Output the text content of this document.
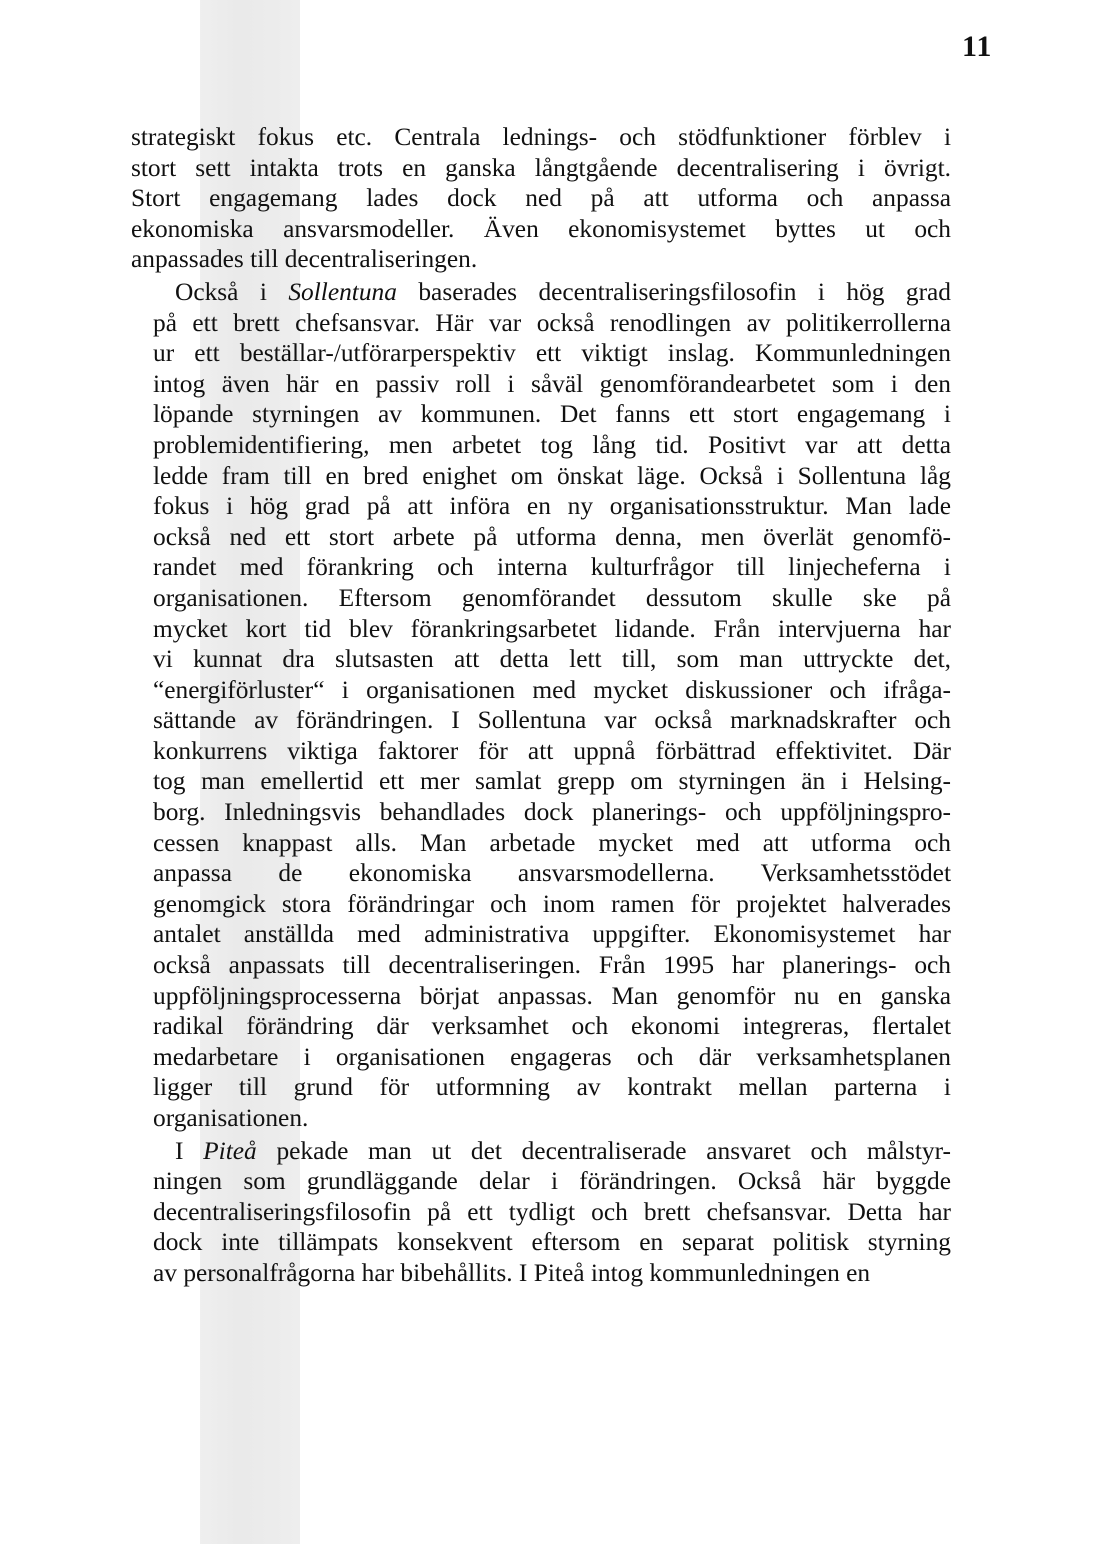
11

strategiskt fokus etc. Centrala lednings- och stödfunktioner förblev i
stort sett intakta trots en ganska långtgående decentralisering i övrigt.
Stort engagemang lades dock ned på att utforma och anpassa
ekonomiska ansvarsmodeller. Även ekonomisystemet byttes ut och
anpassades till decentraliseringen.

Också i Sollentuna baserades decentraliseringsfilosofin i hög grad
på ett brett chefsansvar. Här var också renodlingen av politikerrollerna
ur ett beställar-/utförarperspektiv ett viktigt inslag. Kommunledningen
intog även här en passiv roll i såväl genomförandearbetet som i den
löpande styrningen av kommunen. Det fanns ett stort engagemang i
problemidentifiering, men arbetet tog lång tid. Positivt var att detta
ledde fram till en bred enighet om önskat läge. Också i Sollentuna låg
fokus i hög grad på att införa en ny organisationsstruktur. Man lade
också ned ett stort arbete på utforma denna, men överlät genomfö-
randet med förankring och interna kulturfrågor till linjecheferna i
organisationen. Eftersom genomförandet dessutom skulle ske på
mycket kort tid blev förankringsarbetet lidande. Från intervjuerna har
vi kunnat dra slutsasten att detta lett till, som man uttryckte det,
“energiförluster“ i organisationen med mycket diskussioner och ifråga-
sättande av förändringen. I Sollentuna var också marknadskrafter och
konkurrens viktiga faktorer för att uppnå förbättrad effektivitet. Där
tog man emellertid ett mer samlat grepp om styrningen än i Helsing-
borg. Inledningsvis behandlades dock planerings- och uppföljningspro-
cessen knappast alls. Man arbetade mycket med att utforma och
anpassa de ekonomiska ansvarsmodellerna. Verksamhetsstödet
genomgick stora förändringar och inom ramen för projektet halverades
antalet anställda med administrativa uppgifter. Ekonomisystemet har
också anpassats till decentraliseringen. Från 1995 har planerings- och
uppföljningsprocesserna börjat anpassas. Man genomför nu en ganska
radikal förändring där verksamhet och ekonomi integreras, flertalet
medarbetare i organisationen engageras och där verksamhetsplanen
ligger till grund för utformning av kontrakt mellan parterna i
organisationen.

I Piteå pekade man ut det decentraliserade ansvaret och målstyr-
ningen som grundläggande delar i förändringen. Också här byggde
decentraliseringsfilosofin på ett tydligt och brett chefsansvar. Detta har
dock inte tillämpats konsekvent eftersom en separat politisk styrning
av personalfrågorna har bibehållits. I Piteå intog kommunledningen en
